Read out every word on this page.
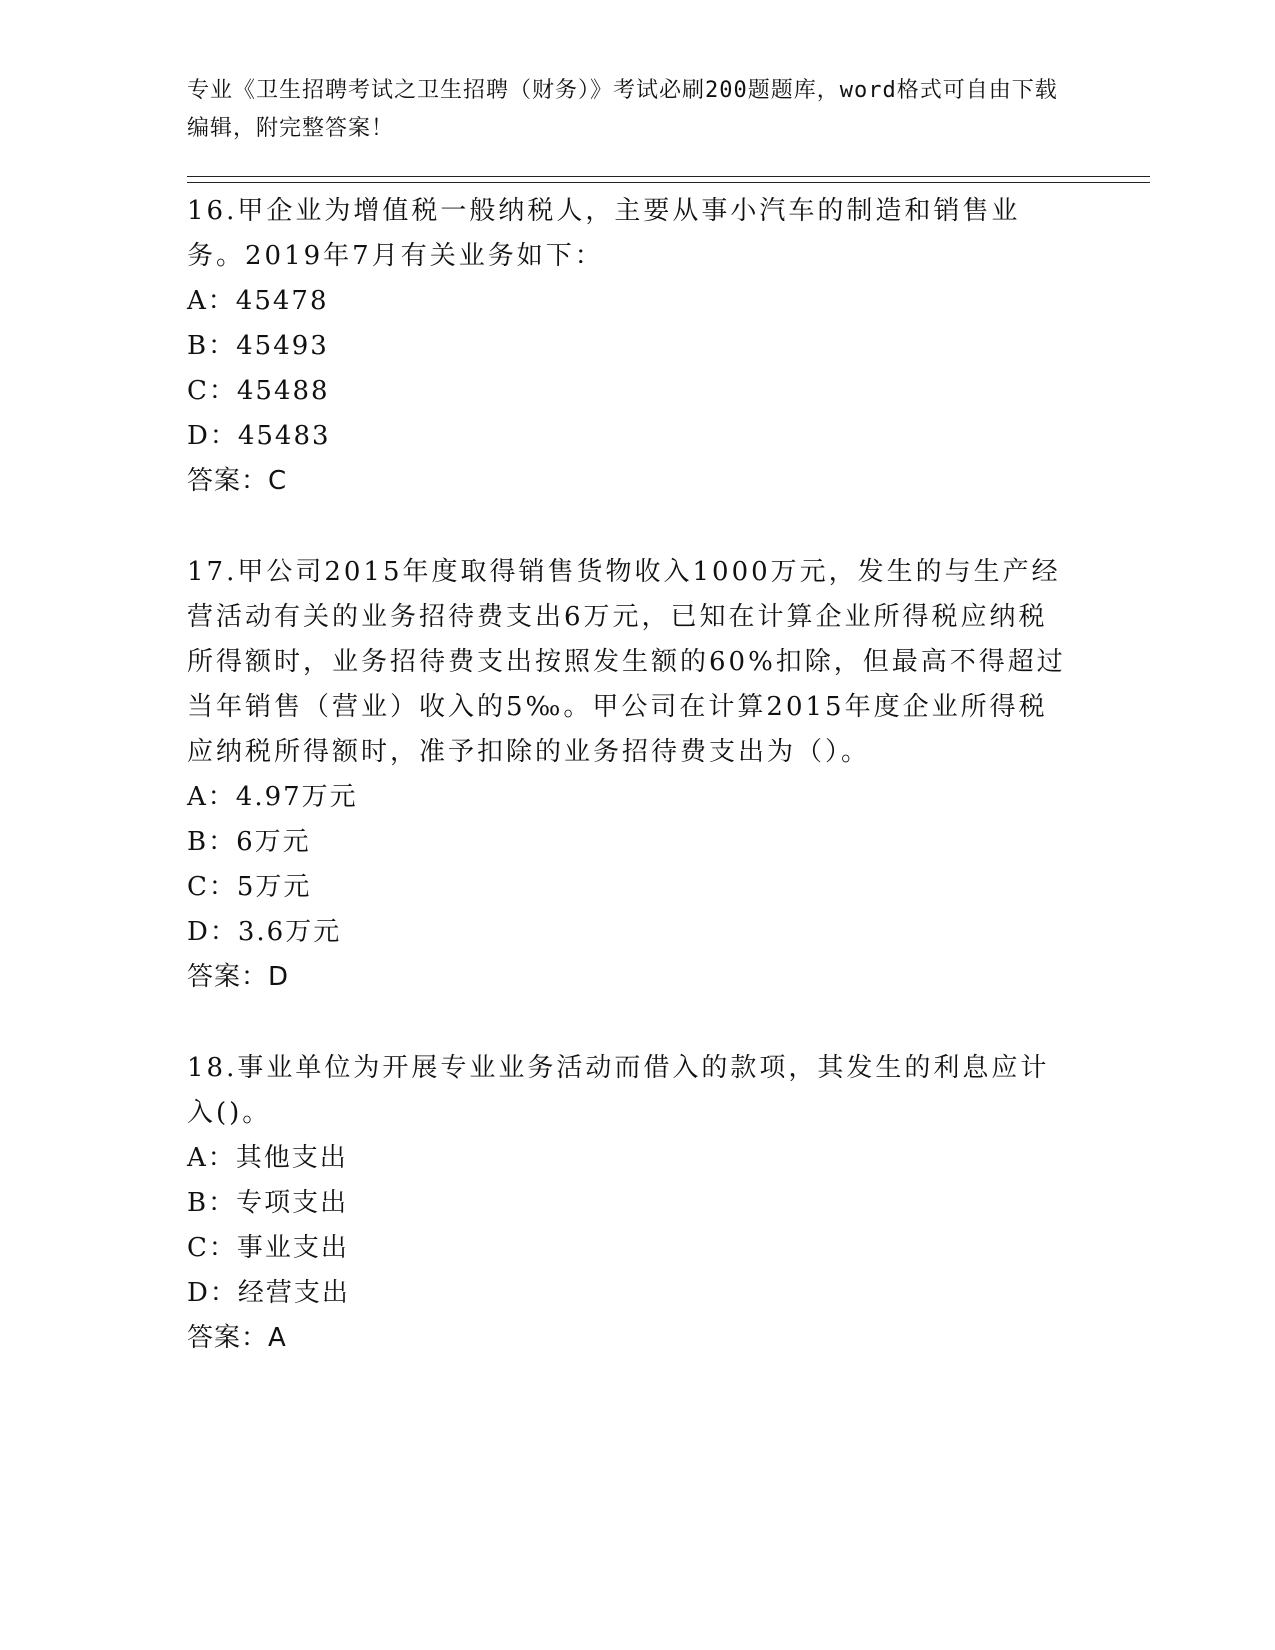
专业《卫生招聘考试之卫生招聘（财务）》考试必刷200题题库，word格式可自由下载编辑，附完整答案！

16.甲企业为增值税一般纳税人，主要从事小汽车的制造和销售业务。2019年7月有关业务如下：

A：45478

B：45493

C：45488

D：45483

答案：C

17.甲公司2015年度取得销售货物收入1000万元，发生的与生产经营活动有关的业务招待费支出6万元，已知在计算企业所得税应纳税所得额时，业务招待费支出按照发生额的60%扣除，但最高不得超过当年销售（营业）收入的5‰。甲公司在计算2015年度企业所得税应纳税所得额时，准予扣除的业务招待费支出为（）。

A：4.97万元

B：6万元

C：5万元

D：3.6万元

答案：D

18.事业单位为开展专业业务活动而借入的款项，其发生的利息应计入()。

A：其他支出

B：专项支出

C：事业支出

D：经营支出

答案：A
